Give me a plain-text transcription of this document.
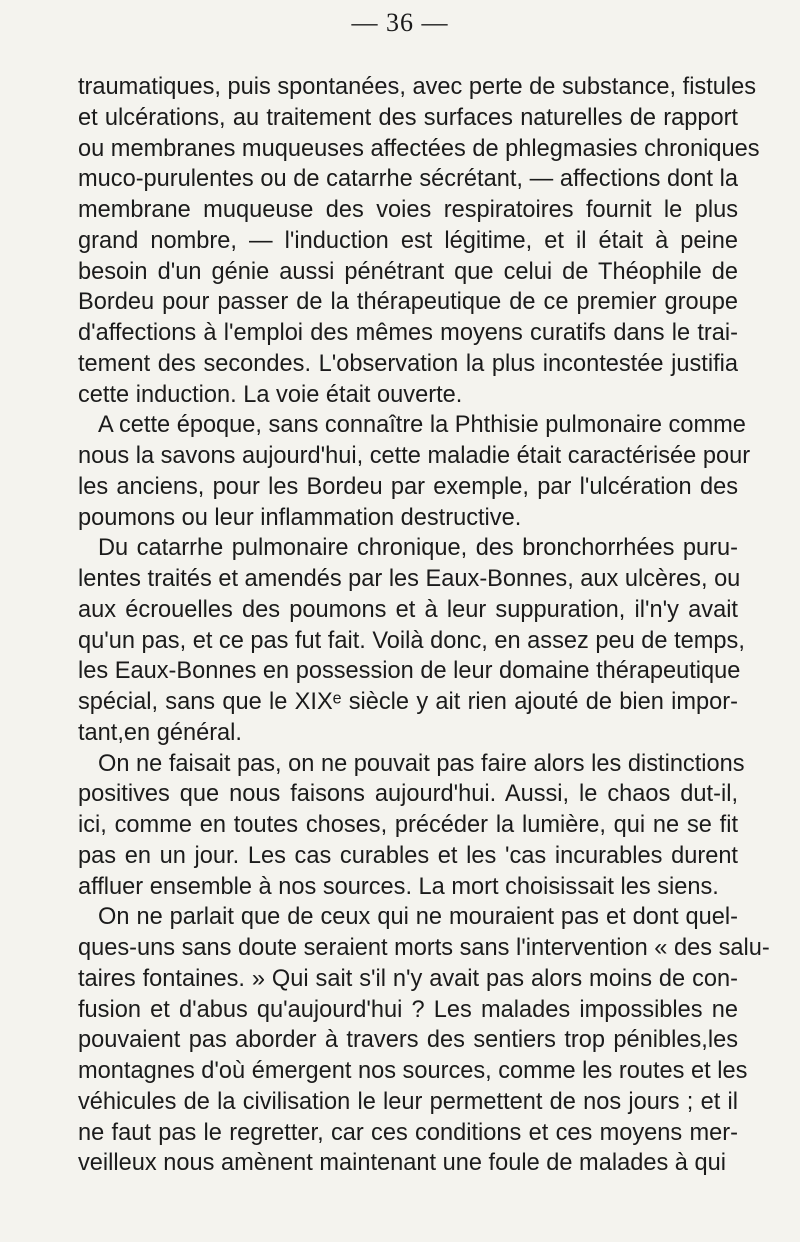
— 36 —
traumatiques, puis spontanées, avec perte de substance, fistules
et ulcérations, au traitement des surfaces naturelles de rapport
ou membranes muqueuses affectées de phlegmasies chroniques
muco-purulentes ou de catarrhe sécrétant, — affections dont la
membrane muqueuse des voies respiratoires fournit le plus
grand nombre, — l'induction est légitime, et il était à peine
besoin d'un génie aussi pénétrant que celui de Théophile de
Bordeu pour passer de la thérapeutique de ce premier groupe
d'affections à l'emploi des mêmes moyens curatifs dans le trai-
tement des secondes. L'observation la plus incontestée justifia
cette induction. La voie était ouverte.
A cette époque, sans connaître la Phthisie pulmonaire comme
nous la savons aujourd'hui, cette maladie était caractérisée pour
les anciens, pour les Bordeu par exemple, par l'ulcération des
poumons ou leur inflammation destructive.
Du catarrhe pulmonaire chronique, des bronchorrhées puru-
lentes traités et amendés par les Eaux-Bonnes, aux ulcères, ou
aux écrouelles des poumons et à leur suppuration, il'n'y avait
qu'un pas, et ce pas fut fait. Voilà donc, en assez peu de temps,
les Eaux-Bonnes en possession de leur domaine thérapeutique
spécial, sans que le XIXᵉ siècle y ait rien ajouté de bien impor-
tant,en général.
On ne faisait pas, on ne pouvait pas faire alors les distinctions
positives que nous faisons aujourd'hui. Aussi, le chaos dut-il,
ici, comme en toutes choses, précéder la lumière, qui ne se fit
pas en un jour. Les cas curables et les 'cas incurables durent
affluer ensemble à nos sources. La mort choisissait les siens.
On ne parlait que de ceux qui ne mouraient pas et dont quel-
ques-uns sans doute seraient morts sans l'intervention « des salu-
taires fontaines. » Qui sait s'il n'y avait pas alors moins de con-
fusion et d'abus qu'aujourd'hui ? Les malades impossibles ne
pouvaient pas aborder à travers des sentiers trop pénibles,les
montagnes d'où émergent nos sources, comme les routes et les
véhicules de la civilisation le leur permettent de nos jours ; et il
ne faut pas le regretter, car ces conditions et ces moyens mer-
veilleux nous amènent maintenant une foule de malades à qui
